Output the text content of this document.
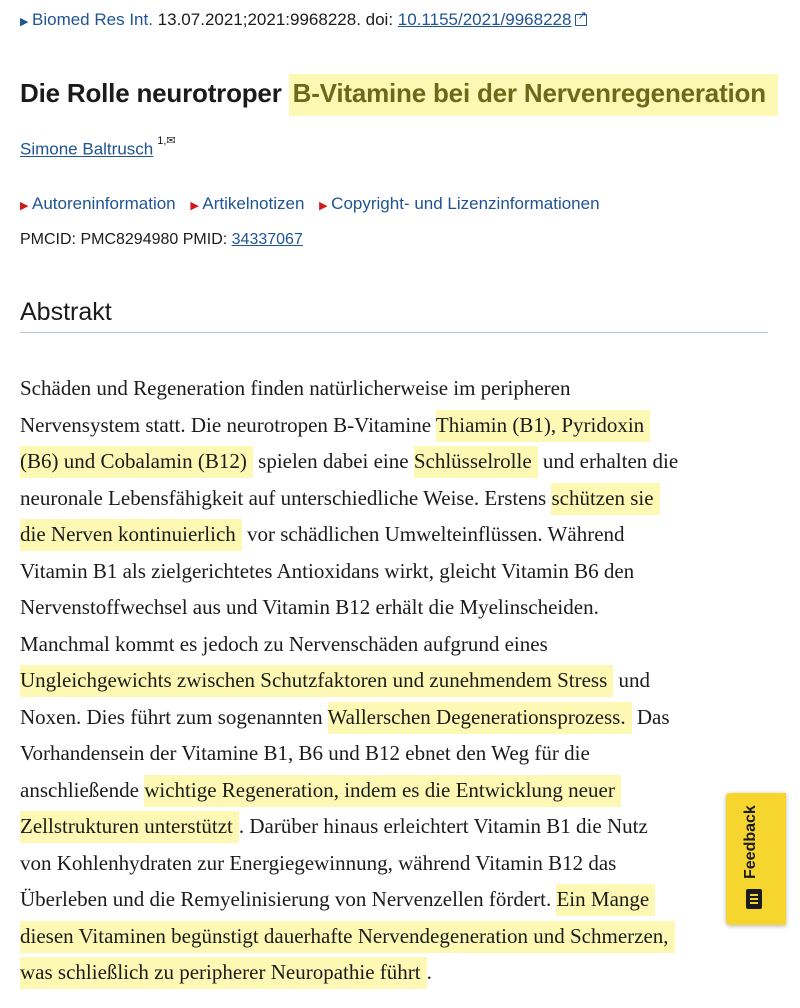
▶ Biomed Res Int. 13.07.2021;2021:9968228. doi: 10.1155/2021/9968228↗
Die Rolle neurotroper B-Vitamine bei der Nervenregeneration
Simone Baltrusch $^{1,✉}$
▶ Autoreninformation ▶ Artikelnotizen ▶ Copyright- und Lizenzinformationen
PMCID: PMC8294980 PMID: 34337067
Abstrakt

Schäden und Regeneration finden natürlicherweise im peripheren
Nervensystem statt. Die neurotropen B-Vitamine Thiamin (B1), Pyridoxin
(B6) und Cobalamin (B12) spielen dabei eine Schlüsselrolle und erhalten die
neuronale Lebensfähigkeit auf unterschiedliche Weise. Erstens schützen sie
die Nerven kontinuierlich vor schädlichen Umwelteinflüssen. Während
Vitamin B1 als zielgerichtetes Antioxidans wirkt, gleicht Vitamin B6 den
Nervenstoffwechsel aus und Vitamin B12 erhält die Myelinscheiden.
Manchmal kommt es jedoch zu Nervenschäden aufgrund eines
Ungleichgewichts zwischen Schutzfaktoren und zunehmendem Stress und
Noxen. Dies führt zum sogenannten Wallerschen Degenerationsprozess. Das
Vorhandensein der Vitamine B1, B6 und B12 ebnet den Weg für die
anschließende wichtige Regeneration, indem es die Entwicklung neuer
Zellstrukturen unterstützt . Darüber hinaus erleichtert Vitamin B1 die Nutz
von Kohlenhydraten zur Energiegewinnung, während Vitamin B12 das
Überleben und die Remyelinisierung von Nervenzellen fördert. Ein Mange
diesen Vitaminen begünstigt dauerhafte Nervendegeneration und Schmerzen,
was schließlich zu peripherer Neuropathie führt .

Feedback
